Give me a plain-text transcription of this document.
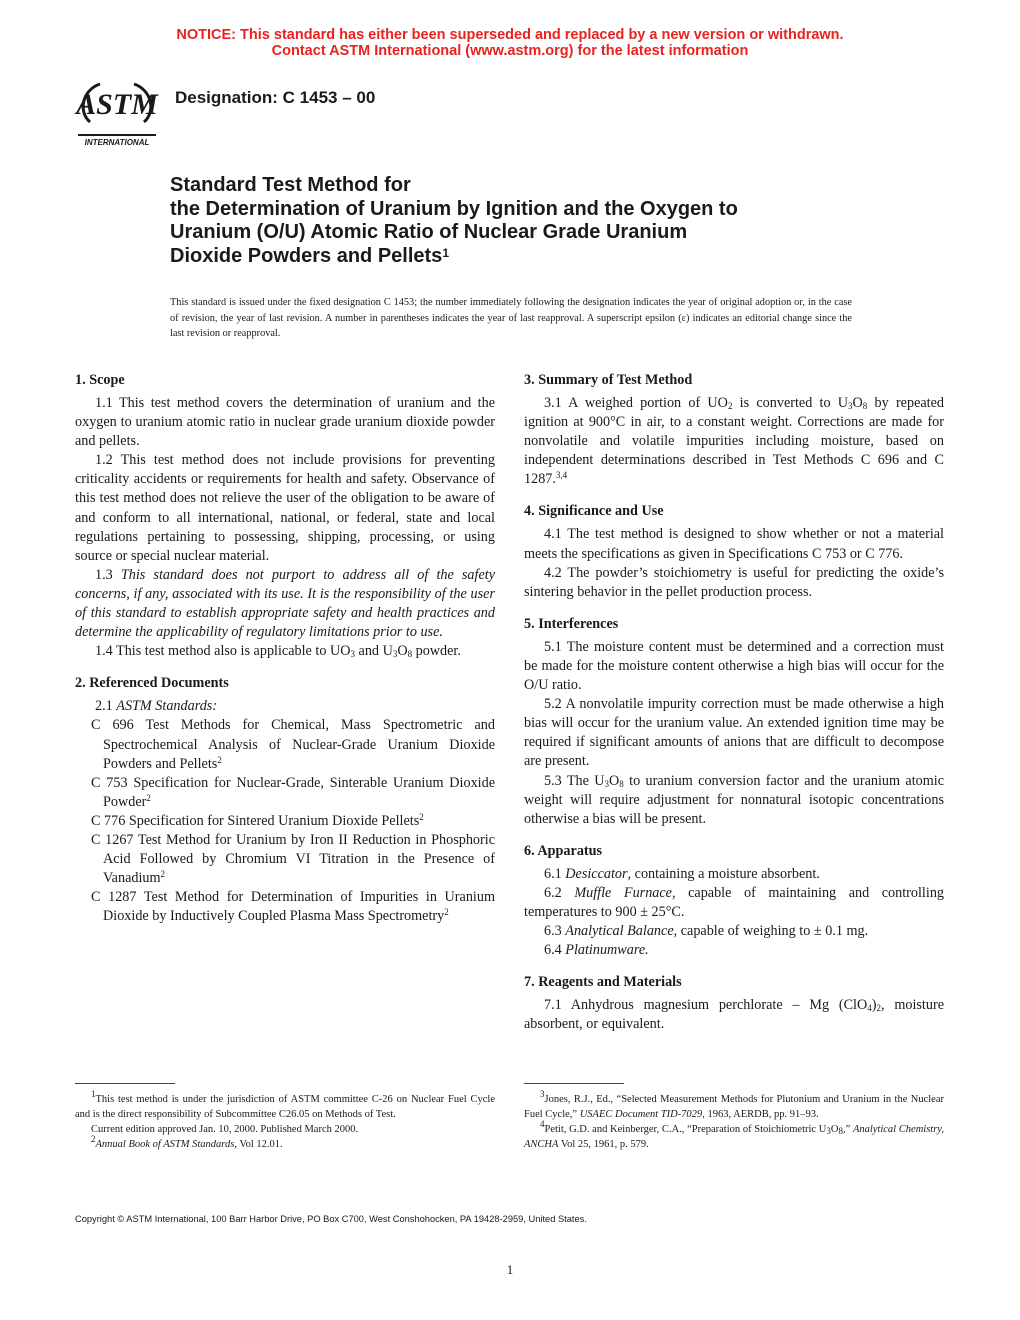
NOTICE: This standard has either been superseded and replaced by a new version or withdrawn.
Contact ASTM International (www.astm.org) for the latest information
ASTM
INTERNATIONAL
Designation: C 1453 – 00
Standard Test Method for
the Determination of Uranium by Ignition and the Oxygen to
Uranium (O/U) Atomic Ratio of Nuclear Grade Uranium
Dioxide Powders and Pellets$^1$
This standard is issued under the fixed designation C 1453; the number immediately following the designation indicates the year of original adoption or, in the case of revision, the year of last revision. A number in parentheses indicates the year of last reapproval. A superscript epsilon (ε) indicates an editorial change since the last revision or reapproval.
1. Scope

1.1 This test method covers the determination of uranium and the oxygen to uranium atomic ratio in nuclear grade uranium dioxide powder and pellets.

1.2 This test method does not include provisions for preventing criticality accidents or requirements for health and safety. Observance of this test method does not relieve the user of the obligation to be aware of and conform to all international, national, or federal, state and local regulations pertaining to possessing, shipping, processing, or using source or special nuclear material.

1.3 This standard does not purport to address all of the safety concerns, if any, associated with its use. It is the responsibility of the user of this standard to establish appropriate safety and health practices and determine the applicability of regulatory limitations prior to use.

1.4 This test method also is applicable to $UO_3$ and $U_3O_8$ powder.

2. Referenced Documents

2.1 ASTM Standards:

C 696 Test Methods for Chemical, Mass Spectrometric and Spectrochemical Analysis of Nuclear-Grade Uranium Dioxide Powders and Pellets$^2$
C 753 Specification for Nuclear-Grade, Sinterable Uranium Dioxide Powder$^2$
C 776 Specification for Sintered Uranium Dioxide Pellets$^2$
C 1267 Test Method for Uranium by Iron II Reduction in Phosphoric Acid Followed by Chromium VI Titration in the Presence of Vanadium$^2$
C 1287 Test Method for Determination of Impurities in Uranium Dioxide by Inductively Coupled Plasma Mass Spectrometry$^2$
3. Summary of Test Method

3.1 A weighed portion of $UO_2$ is converted to $U_3O_8$ by repeated ignition at 900°C in air, to a constant weight. Corrections are made for nonvolatile and volatile impurities including moisture, based on independent determinations described in Test Methods C 696 and C 1287.$^{3,4}$

4. Significance and Use

4.1 The test method is designed to show whether or not a material meets the specifications as given in Specifications C 753 or C 776.

4.2 The powder’s stoichiometry is useful for predicting the oxide’s sintering behavior in the pellet production process.

5. Interferences

5.1 The moisture content must be determined and a correction must be made for the moisture content otherwise a high bias will occur for the O/U ratio.

5.2 A nonvolatile impurity correction must be made otherwise a high bias will occur for the uranium value. An extended ignition time may be required if significant amounts of anions that are difficult to decompose are present.

5.3 The $U_3O_8$ to uranium conversion factor and the uranium atomic weight will require adjustment for nonnatural isotopic concentrations otherwise a bias will be present.

6. Apparatus

6.1 Desiccator, containing a moisture absorbent.

6.2 Muffle Furnace, capable of maintaining and controlling temperatures to 900 ± 25°C.

6.3 Analytical Balance, capable of weighing to ± 0.1 mg.

6.4 Platinumware.

7. Reagents and Materials

7.1 Anhydrous magnesium perchlorate – Mg $(ClO_4)_2$, moisture absorbent, or equivalent.

$^1$This test method is under the jurisdiction of ASTM committee C-26 on Nuclear Fuel Cycle and is the direct responsibility of Subcommittee C26.05 on Methods of Test.

Current edition approved Jan. 10, 2000. Published March 2000.

$^2$Annual Book of ASTM Standards, Vol 12.01.

$^3$Jones, R.J., Ed., “Selected Measurement Methods for Plutonium and Uranium in the Nuclear Fuel Cycle,” USAEC Document TID-7029, 1963, AERDB, pp. 91–93.

$^4$Petit, G.D. and Keinberger, C.A., “Preparation of Stoichiometric $U_3O_8$,” Analytical Chemistry, ANCHA Vol 25, 1961, p. 579.

Copyright © ASTM International, 100 Barr Harbor Drive, PO Box C700, West Conshohocken, PA 19428-2959, United States.
1
